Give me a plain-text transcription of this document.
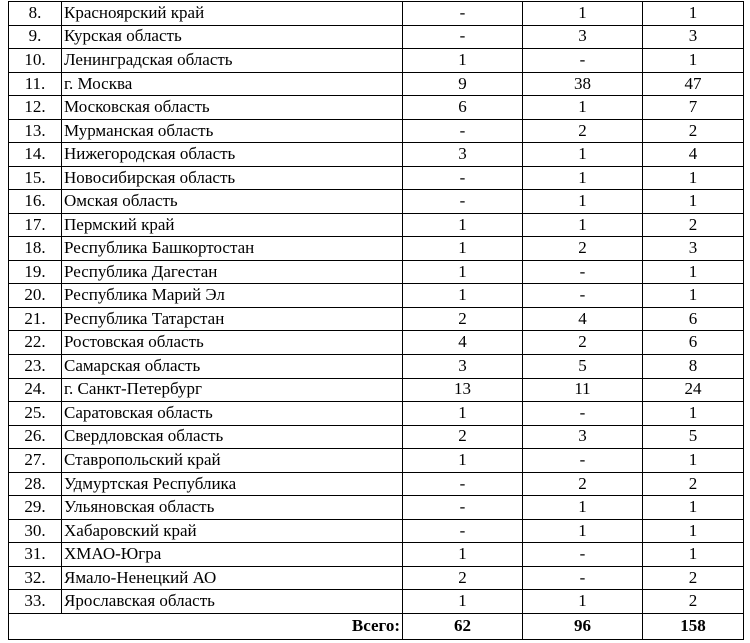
8.	Красноярский край	-	1	1
9.	Курская область	-	3	3
10.	Ленинградская область	1	-	1
11.	г. Москва	9	38	47
12.	Московская область	6	1	7
13.	Мурманская область	-	2	2
14.	Нижегородская область	3	1	4
15.	Новосибирская область	-	1	1
16.	Омская область	-	1	1
17.	Пермский край	1	1	2
18.	Республика Башкортостан	1	2	3
19.	Республика Дагестан	1	-	1
20.	Республика Марий Эл	1	-	1
21.	Республика Татарстан	2	4	6
22.	Ростовская область	4	2	6
23.	Самарская область	3	5	8
24.	г. Санкт-Петербург	13	11	24
25.	Саратовская область	1	-	1
26.	Свердловская область	2	3	5
27.	Ставропольский край	1	-	1
28.	Удмуртская Республика	-	2	2
29.	Ульяновская область	-	1	1
30.	Хабаровский край	-	1	1
31.	ХМАО-Югра	1	-	1
32.	Ямало-Ненецкий АО	2	-	2
33.	Ярославская область	1	1	2
Всего:		62	96	158
